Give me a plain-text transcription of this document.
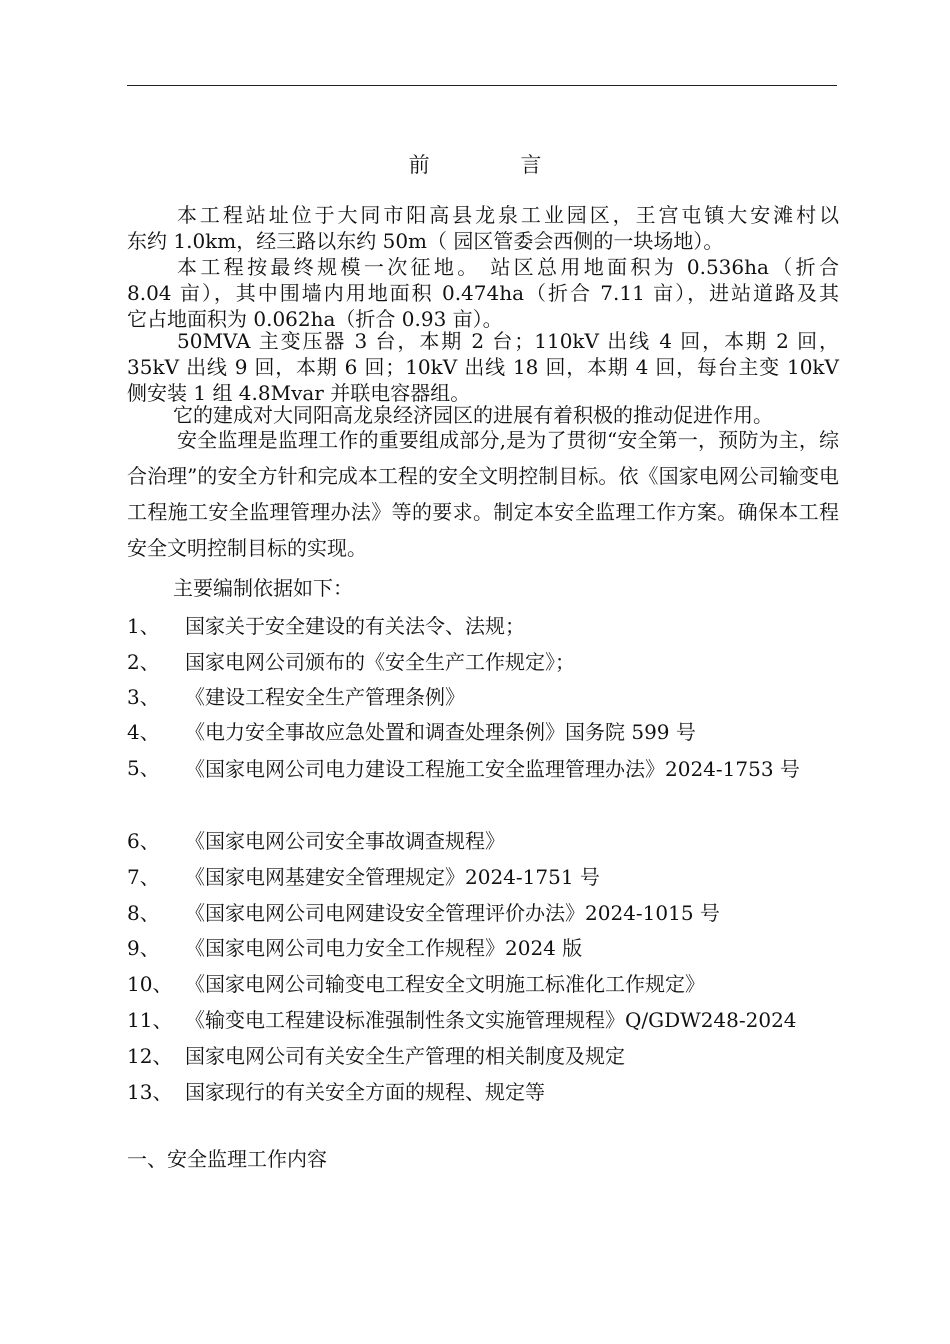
前 言
本工程站址位于大同市阳高县龙泉工业园区，王宫屯镇大安滩村以
东约 1.0km，经三路以东约 50m（ 园区管委会西侧的一块场地）。
本工程按最终规模一次征地。 站区总用地面积为 0.536ha（折合
8.04 亩），其中围墙内用地面积 0.474ha（折合 7.11 亩），进站道路及其
它占地面积为 0.062ha（折合 0.93 亩）。
50MVA 主变压器 3 台，本期 2 台；110kV 出线 4 回，本期 2 回，
35kV 出线 9 回，本期 6 回；10kV 出线 18 回，本期 4 回，每台主变 10kV
侧安装 1 组 4.8Mvar 并联电容器组。
它的建成对大同阳高龙泉经济园区的进展有着积极的推动促进作用。
安全监理是监理工作的重要组成部分,是为了贯彻“安全第一，预防为主，综合治理”的安全方针和完成本工程的安全文明控制目标。依《国家电网公司输变电工程施工安全监理管理办法》等的要求。制定本安全监理工作方案。确保本工程安全文明控制目标的实现。
主要编制依据如下：
1、 国家关于安全建设的有关法令、法规；
2、 国家电网公司颁布的《安全生产工作规定》；
3、 《建设工程安全生产管理条例》
4、 《电力安全事故应急处置和调查处理条例》国务院 599 号
5、 《国家电网公司电力建设工程施工安全监理管理办法》2024-1753 号
6、 《国家电网公司安全事故调查规程》
7、 《国家电网基建安全管理规定》2024-1751 号
8、 《国家电网公司电网建设安全管理评价办法》2024-1015 号
9、 《国家电网公司电力安全工作规程》2024 版
10、 《国家电网公司输变电工程安全文明施工标准化工作规定》
11、 《输变电工程建设标准强制性条文实施管理规程》Q/GDW248-2024
12、 国家电网公司有关安全生产管理的相关制度及规定
13、 国家现行的有关安全方面的规程、规定等
一、安全监理工作内容
